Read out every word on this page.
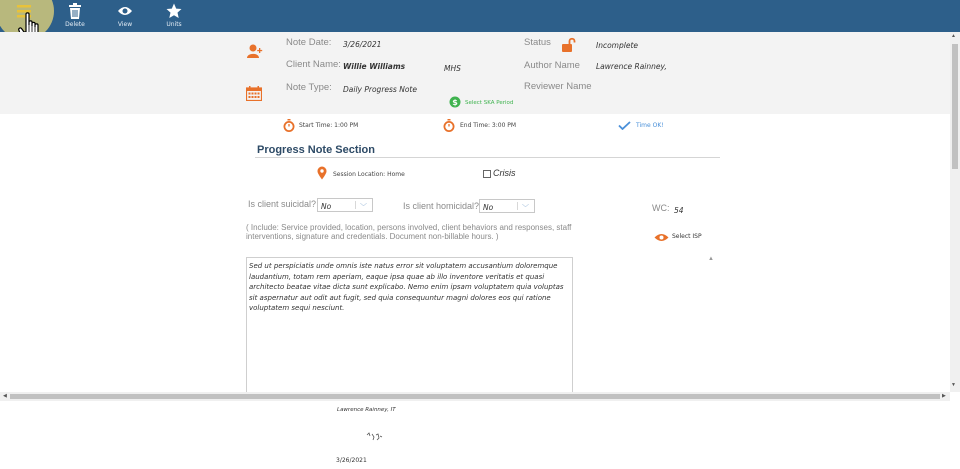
Delete	View	Units
Note Date: 3/26/2021
Client Name: Willie Williams	MHS
Note Type: Daily Progress Note
$ Select SKA Period
Status	Incomplete
Author Name Lawrence Rainney,
Reviewer Name
Start Time: 1:00 PM	End Time: 3:00 PM	Time OK!
Progress Note Section
Session Location: Home	Crisis
Is client suicidal? No	﹀	Is client homicidal? No	﹀	WC: 54
( Include: Service provided, location, persons involved, client behaviors and responses, staff interventions, signature and credentials. Document non-billable hours. )	Select ISP
Sed ut perspiciatis unde omnis iste natus error sit voluptatem accusantium doloremque laudantium, totam rem aperiam, eaque ipsa quae ab illo inventore veritatis et quasi architecto beatae vitae dicta sunt explicabo. Nemo enim ipsam voluptatem quia voluptas sit aspernatur aut odit aut fugit, sed quia consequuntur magni dolores eos qui ratione voluptatem sequi nesciunt.
▲
▲
▼
◀	▶
Lawrence Rainney, IT
3/26/2021
